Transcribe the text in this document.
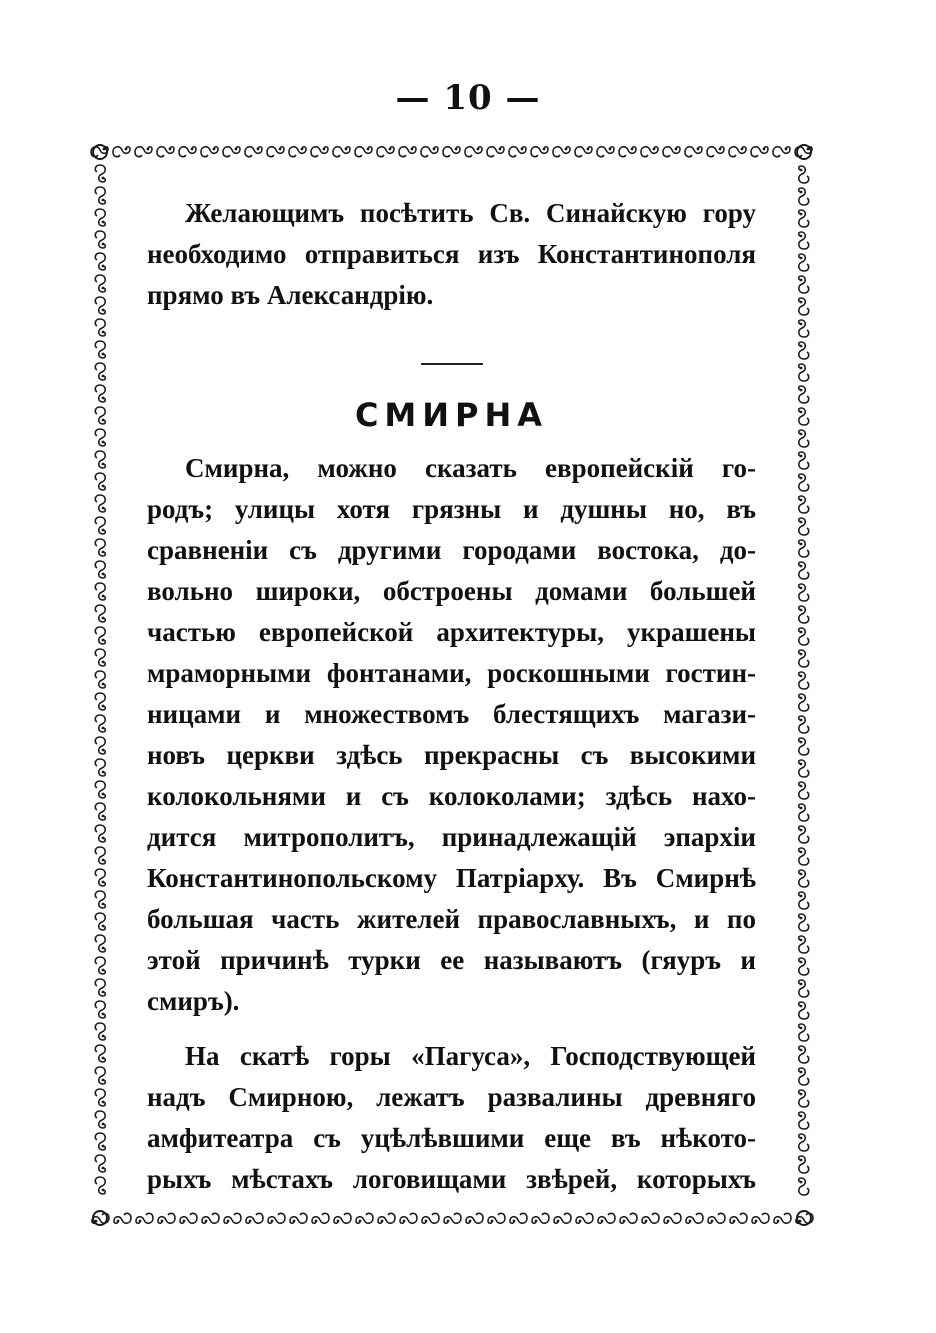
— 10 —
Желающимъ посѣтить Св. Синайскую гору
необходимо отправиться изъ Константинополя
прямо въ Александрію.
СМИРНА
Смирна, можно сказать европейскій го-
родъ; улицы хотя грязны и душны но, въ
сравненіи съ другими городами востока, до-
вольно широки, обстроены домами большей
частью европейской архитектуры, украшены
мраморными фонтанами, роскошными гостин-
ницами и множествомъ блестящихъ магази-
новъ церкви здѣсь прекрасны съ высокими
колокольнями и съ колоколами; здѣсь нахо-
дится митрополитъ, принадлежащій эпархіи
Константинопольскому Патріарху. Въ Смирнѣ
большая часть жителей православныхъ, и по
этой причинѣ турки ее называютъ (гяуръ и
смиръ).
На скатѣ горы «Пагуса», Господствующей
надъ Смирною, лежатъ развалины древняго
амфитеатра съ уцѣлѣвшими еще въ нѣкото-
рыхъ мѣстахъ логовищами звѣрей, которыхъ
